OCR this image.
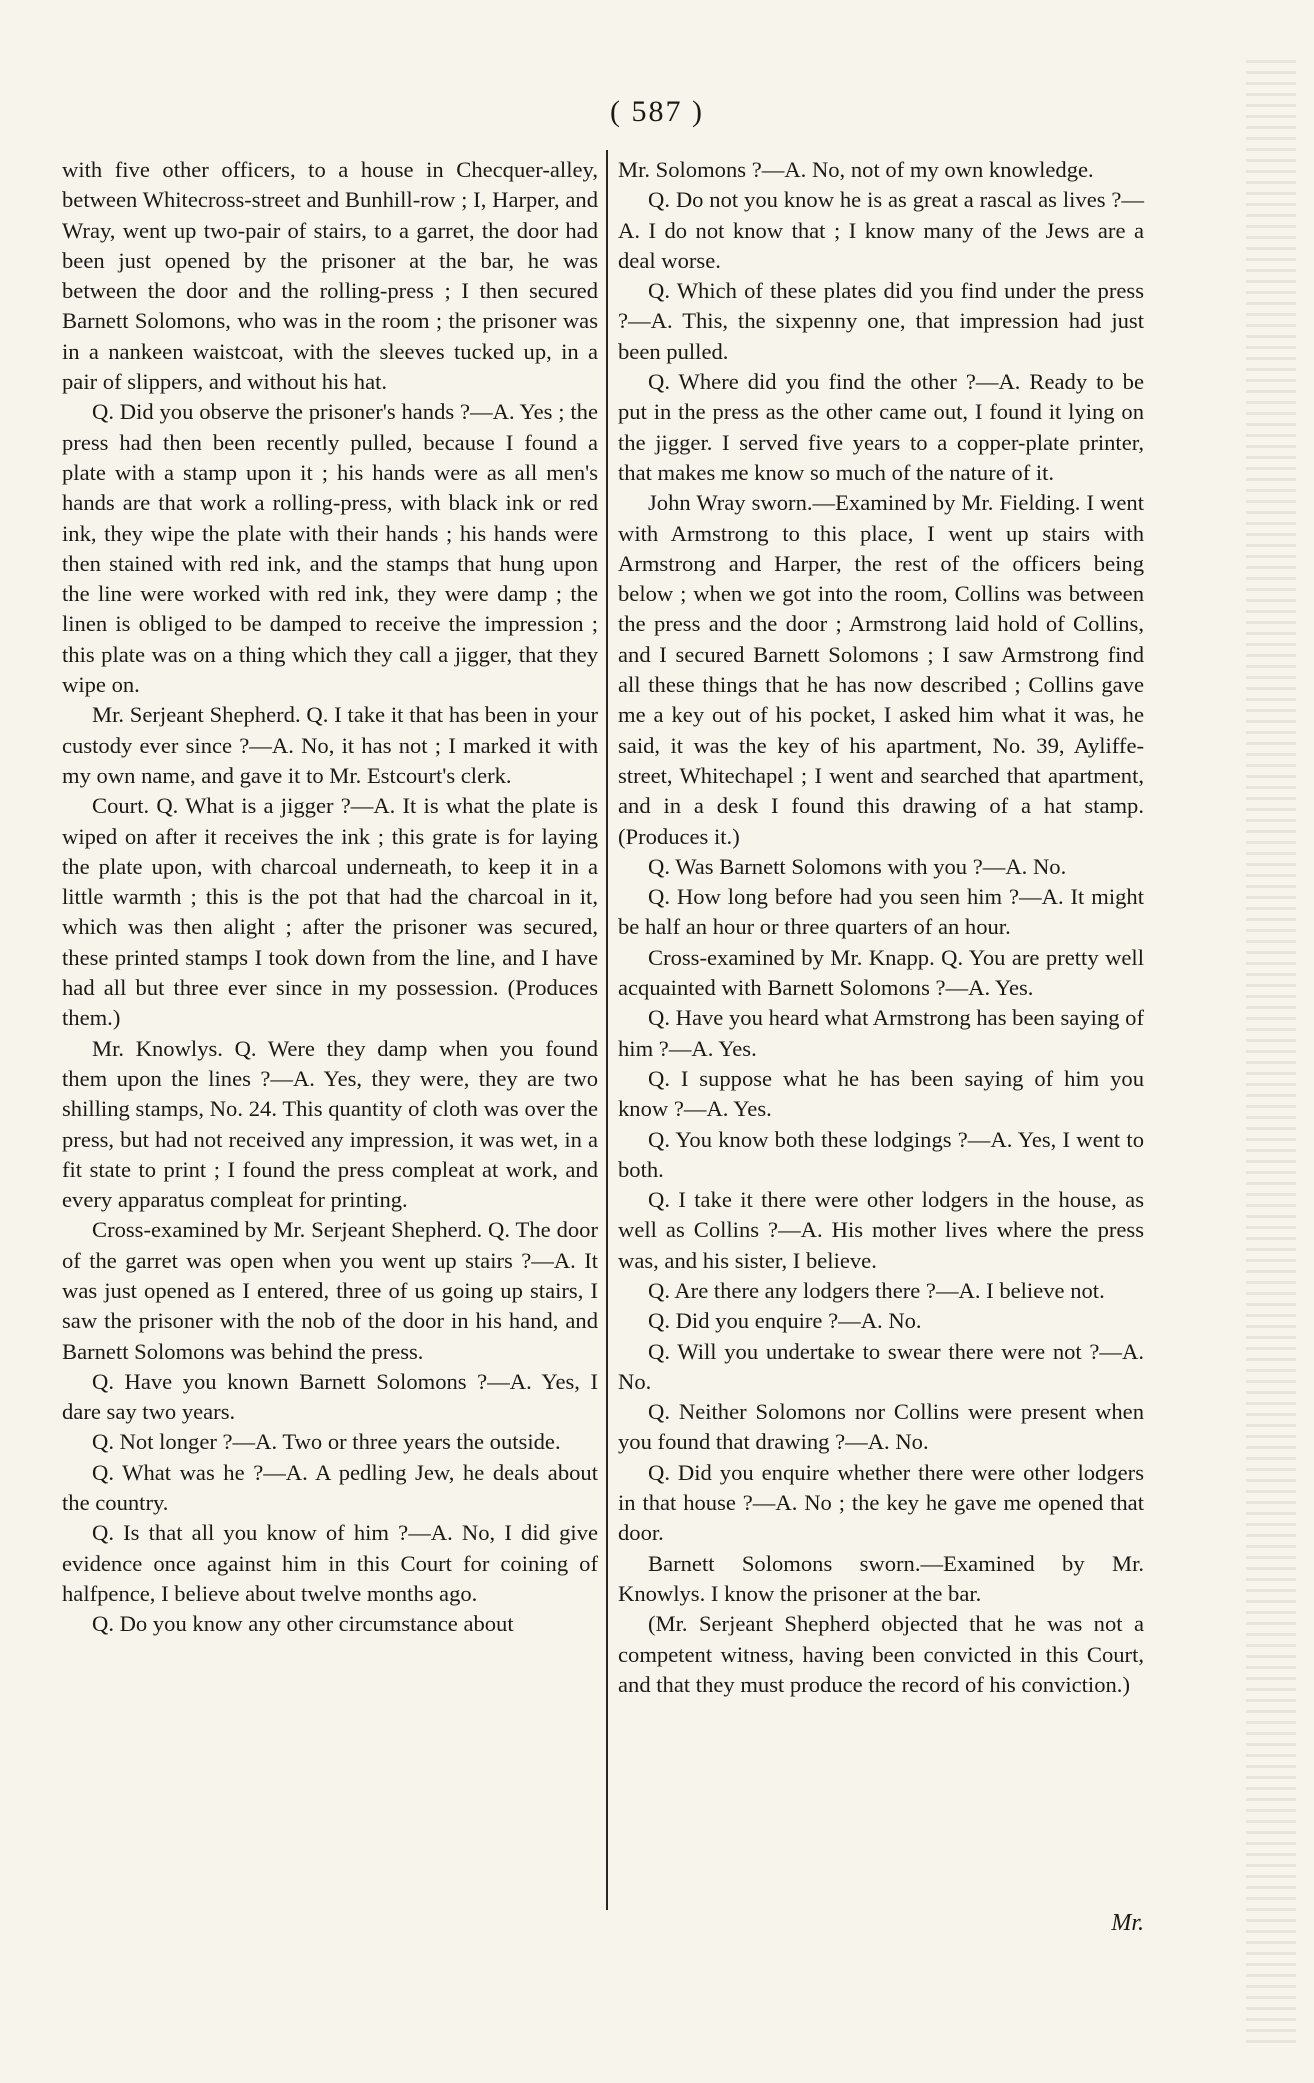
( 587 )

with five other officers, to a house in Checquer-alley, between Whitecross-street and Bunhill-row ; I, Harper, and Wray, went up two-pair of stairs, to a garret, the door had been just opened by the prisoner at the bar, he was between the door and the rolling-press ; I then secured Barnett Solomons, who was in the room ; the prisoner was in a nankeen waistcoat, with the sleeves tucked up, in a pair of slippers, and without his hat.

Q. Did you observe the prisoner's hands ?—A. Yes ; the press had then been recently pulled, because I found a plate with a stamp upon it ; his hands were as all men's hands are that work a rolling-press, with black ink or red ink, they wipe the plate with their hands ; his hands were then stained with red ink, and the stamps that hung upon the line were worked with red ink, they were damp ; the linen is obliged to be damped to receive the impression ; this plate was on a thing which they call a jigger, that they wipe on.

Mr. Serjeant Shepherd. Q. I take it that has been in your custody ever since ?—A. No, it has not ; I marked it with my own name, and gave it to Mr. Estcourt's clerk.

Court. Q. What is a jigger ?—A. It is what the plate is wiped on after it receives the ink ; this grate is for laying the plate upon, with charcoal underneath, to keep it in a little warmth ; this is the pot that had the charcoal in it, which was then alight ; after the prisoner was secured, these printed stamps I took down from the line, and I have had all but three ever since in my possession. (Produces them.)

Mr. Knowlys. Q. Were they damp when you found them upon the lines ?—A. Yes, they were, they are two shilling stamps, No. 24. This quantity of cloth was over the press, but had not received any impression, it was wet, in a fit state to print ; I found the press compleat at work, and every apparatus compleat for printing.

Cross-examined by Mr. Serjeant Shepherd. Q. The door of the garret was open when you went up stairs ?—A. It was just opened as I entered, three of us going up stairs, I saw the prisoner with the nob of the door in his hand, and Barnett Solomons was behind the press.

Q. Have you known Barnett Solomons ?—A. Yes, I dare say two years.

Q. Not longer ?—A. Two or three years the outside.

Q. What was he ?—A. A pedling Jew, he deals about the country.

Q. Is that all you know of him ?—A. No, I did give evidence once against him in this Court for coining of halfpence, I believe about twelve months ago.

Q. Do you know any other circumstance about

Mr. Solomons ?—A. No, not of my own knowledge.

Q. Do not you know he is as great a rascal as lives ?—A. I do not know that ; I know many of the Jews are a deal worse.

Q. Which of these plates did you find under the press ?—A. This, the sixpenny one, that impression had just been pulled.

Q. Where did you find the other ?—A. Ready to be put in the press as the other came out, I found it lying on the jigger. I served five years to a copper-plate printer, that makes me know so much of the nature of it.

John Wray sworn.—Examined by Mr. Fielding. I went with Armstrong to this place, I went up stairs with Armstrong and Harper, the rest of the officers being below ; when we got into the room, Collins was between the press and the door ; Armstrong laid hold of Collins, and I secured Barnett Solomons ; I saw Armstrong find all these things that he has now described ; Collins gave me a key out of his pocket, I asked him what it was, he said, it was the key of his apartment, No. 39, Ayliffe-street, Whitechapel ; I went and searched that apartment, and in a desk I found this drawing of a hat stamp. (Produces it.)

Q. Was Barnett Solomons with you ?—A. No.

Q. How long before had you seen him ?—A. It might be half an hour or three quarters of an hour.

Cross-examined by Mr. Knapp. Q. You are pretty well acquainted with Barnett Solomons ?—A. Yes.

Q. Have you heard what Armstrong has been saying of him ?—A. Yes.

Q. I suppose what he has been saying of him you know ?—A. Yes.

Q. You know both these lodgings ?—A. Yes, I went to both.

Q. I take it there were other lodgers in the house, as well as Collins ?—A. His mother lives where the press was, and his sister, I believe.

Q. Are there any lodgers there ?—A. I believe not.

Q. Did you enquire ?—A. No.

Q. Will you undertake to swear there were not ?—A. No.

Q. Neither Solomons nor Collins were present when you found that drawing ?—A. No.

Q. Did you enquire whether there were other lodgers in that house ?—A. No ; the key he gave me opened that door.

Barnett Solomons sworn.—Examined by Mr. Knowlys. I know the prisoner at the bar.

(Mr. Serjeant Shepherd objected that he was not a competent witness, having been convicted in this Court, and that they must produce the record of his conviction.)

Mr.
